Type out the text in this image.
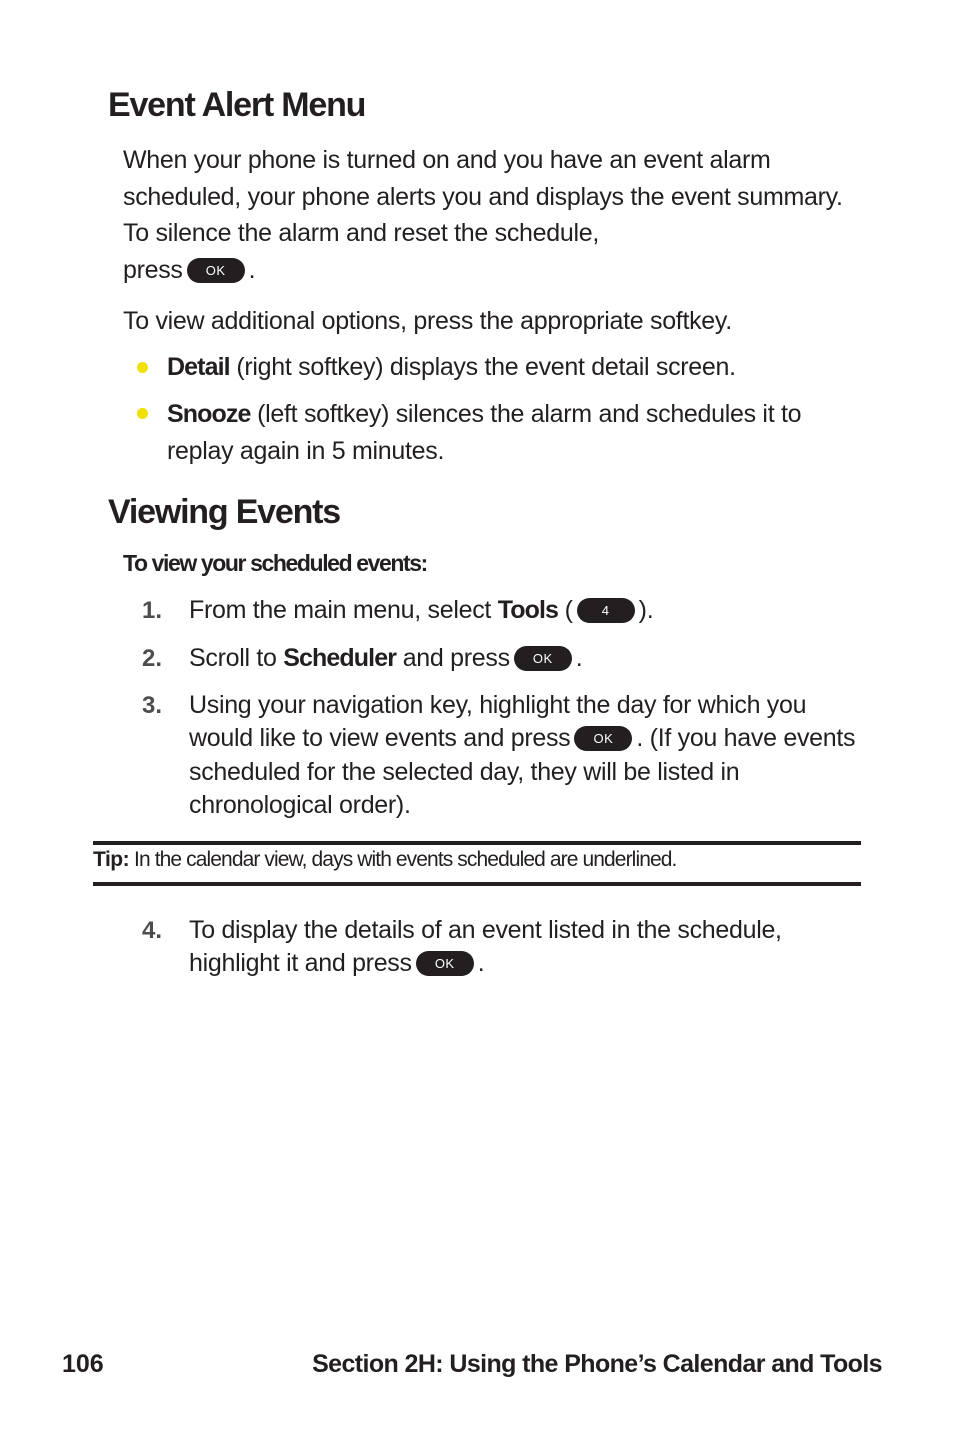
Event Alert Menu

When your phone is turned on and you have an event alarm scheduled, your phone alerts you and displays the event summary. To silence the alarm and reset the schedule,
press OK .

To view additional options, press the appropriate softkey.

Detail (right softkey) displays the event detail screen.

Snooze (left softkey) silences the alarm and schedules it to replay again in 5 minutes.

Viewing Events

To view your scheduled events:

1. From the main menu, select Tools ( 4 ).

2. Scroll to Scheduler and press OK .

3. Using your navigation key, highlight the day for which you would like to view events and press OK . (If you have events scheduled for the selected day, they will be listed in chronological order).

Tip: In the calendar view, days with events scheduled are underlined.

4. To display the details of an event listed in the schedule, highlight it and press OK .

106	Section 2H: Using the Phone’s Calendar and Tools
